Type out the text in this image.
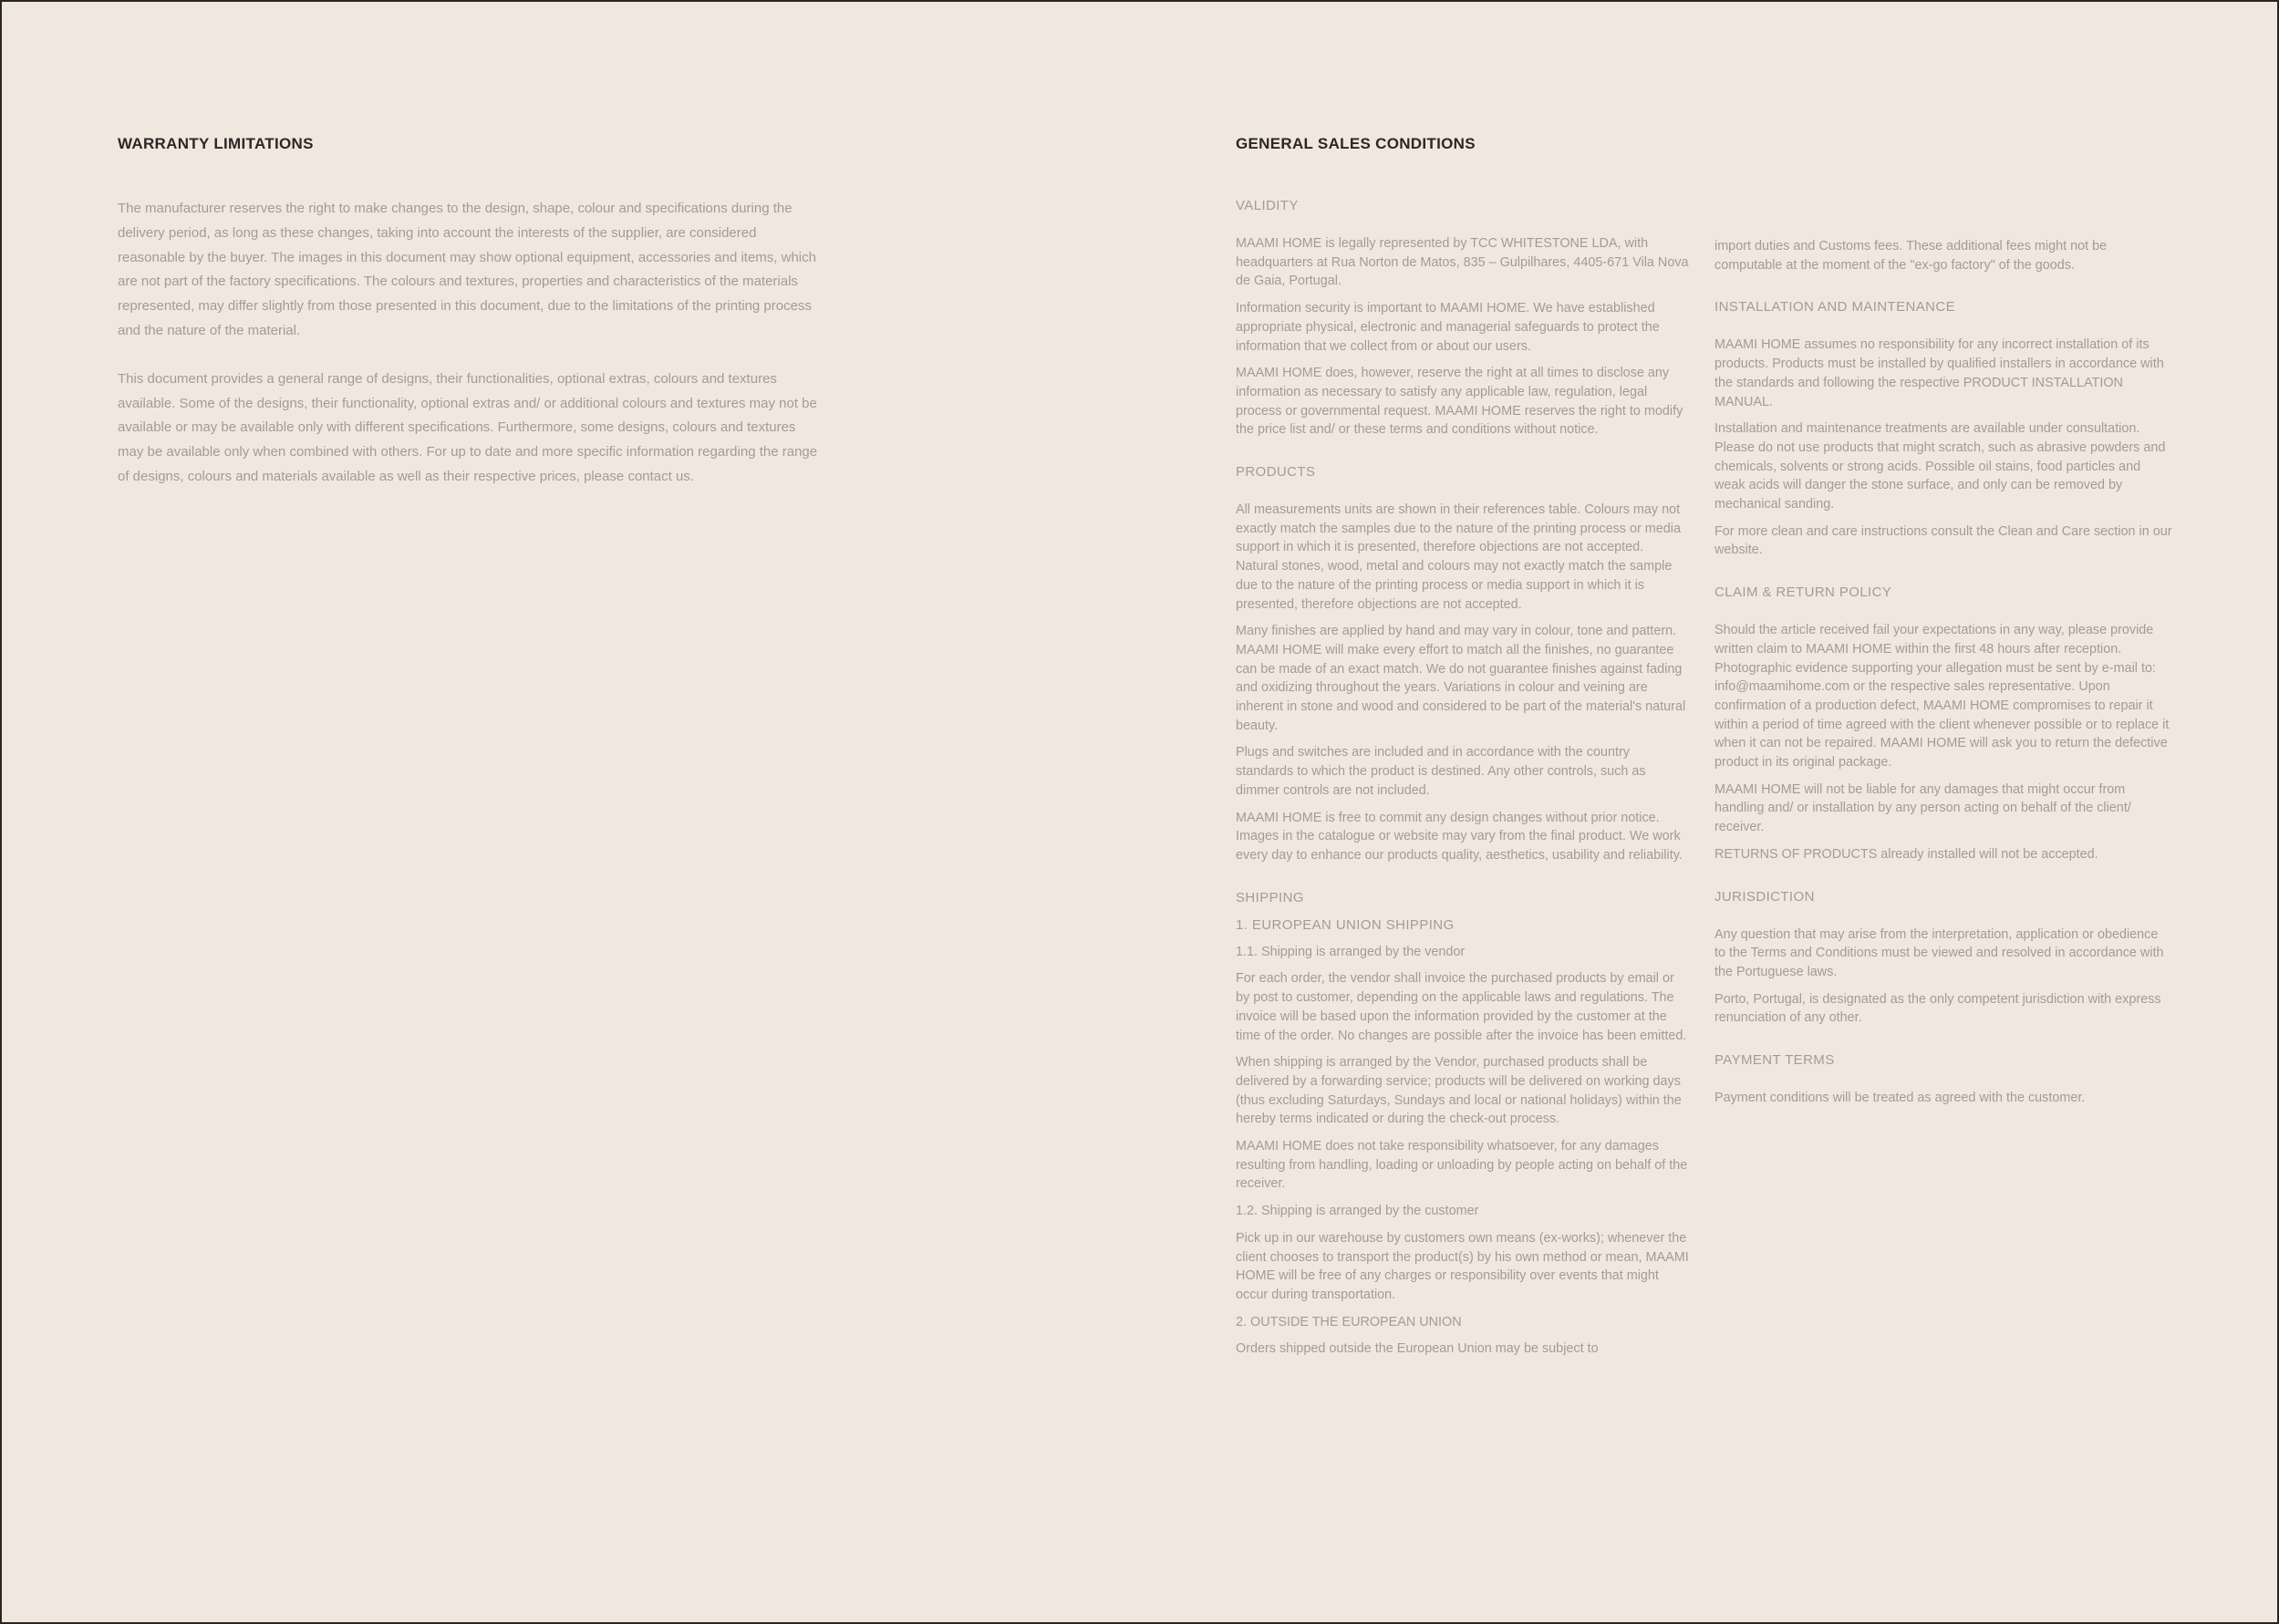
WARRANTY LIMITATIONS

The manufacturer reserves the right to make changes to the design, shape, colour and specifications during the delivery period, as long as these changes, taking into account the interests of the supplier, are considered reasonable by the buyer. The images in this document may show optional equipment, accessories and items, which are not part of the factory specifications. The colours and textures, properties and characteristics of the materials represented, may differ slightly from those presented in this document, due to the limitations of the printing process and the nature of the material.

This document provides a general range of designs, their functionalities, optional extras, colours and textures available. Some of the designs, their functionality, optional extras and/ or additional colours and textures may not be available or may be available only with different specifications. Furthermore, some designs, colours and textures may be available only when combined with others. For up to date and more specific information regarding the range of designs, colours and materials available as well as their respective prices, please contact us.

GENERAL SALES CONDITIONS
VALIDITY

MAAMI HOME is legally represented by TCC WHITESTONE LDA, with headquarters at Rua Norton de Matos, 835 – Gulpilhares, 4405-671 Vila Nova de Gaia, Portugal.

Information security is important to MAAMI HOME. We have established appropriate physical, electronic and managerial safeguards to protect the information that we collect from or about our users.

MAAMI HOME does, however, reserve the right at all times to disclose any information as necessary to satisfy any applicable law, regulation, legal process or governmental request. MAAMI HOME reserves the right to modify the price list and/ or these terms and conditions without notice.

PRODUCTS

All measurements units are shown in their references table. Colours may not exactly match the samples due to the nature of the printing process or media support in which it is presented, therefore objections are not accepted. Natural stones, wood, metal and colours may not exactly match the sample due to the nature of the printing process or media support in which it is presented, therefore objections are not accepted.

Many finishes are applied by hand and may vary in colour, tone and pattern. MAAMI HOME will make every effort to match all the finishes, no guarantee can be made of an exact match. We do not guarantee finishes against fading and oxidizing throughout the years. Variations in colour and veining are inherent in stone and wood and considered to be part of the material's natural beauty.

Plugs and switches are included and in accordance with the country standards to which the product is destined. Any other controls, such as dimmer controls are not included.

MAAMI HOME is free to commit any design changes without prior notice. Images in the catalogue or website may vary from the final product. We work every day to enhance our products quality, aesthetics, usability and reliability.

SHIPPING
1. EUROPEAN UNION SHIPPING

1.1. Shipping is arranged by the vendor

For each order, the vendor shall invoice the purchased products by email or by post to customer, depending on the applicable laws and regulations. The invoice will be based upon the information provided by the customer at the time of the order. No changes are possible after the invoice has been emitted.

When shipping is arranged by the Vendor, purchased products shall be delivered by a forwarding service; products will be delivered on working days (thus excluding Saturdays, Sundays and local or national holidays) within the hereby terms indicated or during the check-out process.

MAAMI HOME does not take responsibility whatsoever, for any damages resulting from handling, loading or unloading by people acting on behalf of the receiver.

1.2. Shipping is arranged by the customer

Pick up in our warehouse by customers own means (ex-works); whenever the client chooses to transport the product(s) by his own method or mean, MAAMI HOME will be free of any charges or responsibility over events that might occur during transportation.

2. OUTSIDE THE EUROPEAN UNION

Orders shipped outside the European Union may be subject to

import duties and Customs fees. These additional fees might not be computable at the moment of the "ex-go factory" of the goods.

INSTALLATION AND MAINTENANCE

MAAMI HOME assumes no responsibility for any incorrect installation of its products. Products must be installed by qualified installers in accordance with the standards and following the respective PRODUCT INSTALLATION MANUAL.

Installation and maintenance treatments are available under consultation. Please do not use products that might scratch, such as abrasive powders and chemicals, solvents or strong acids. Possible oil stains, food particles and weak acids will danger the stone surface, and only can be removed by mechanical sanding.

For more clean and care instructions consult the Clean and Care section in our website.

CLAIM & RETURN POLICY

Should the article received fail your expectations in any way, please provide written claim to MAAMI HOME within the first 48 hours after reception. Photographic evidence supporting your allegation must be sent by e-mail to: info@maamihome.com or the respective sales representative. Upon confirmation of a production defect, MAAMI HOME compromises to repair it within a period of time agreed with the client whenever possible or to replace it when it can not be repaired. MAAMI HOME will ask you to return the defective product in its original package.

MAAMI HOME will not be liable for any damages that might occur from handling and/ or installation by any person acting on behalf of the client/ receiver.

RETURNS OF PRODUCTS already installed will not be accepted.

JURISDICTION

Any question that may arise from the interpretation, application or obedience to the Terms and Conditions must be viewed and resolved in accordance with the Portuguese laws.

Porto, Portugal, is designated as the only competent jurisdiction with express renunciation of any other.

PAYMENT TERMS

Payment conditions will be treated as agreed with the customer.
